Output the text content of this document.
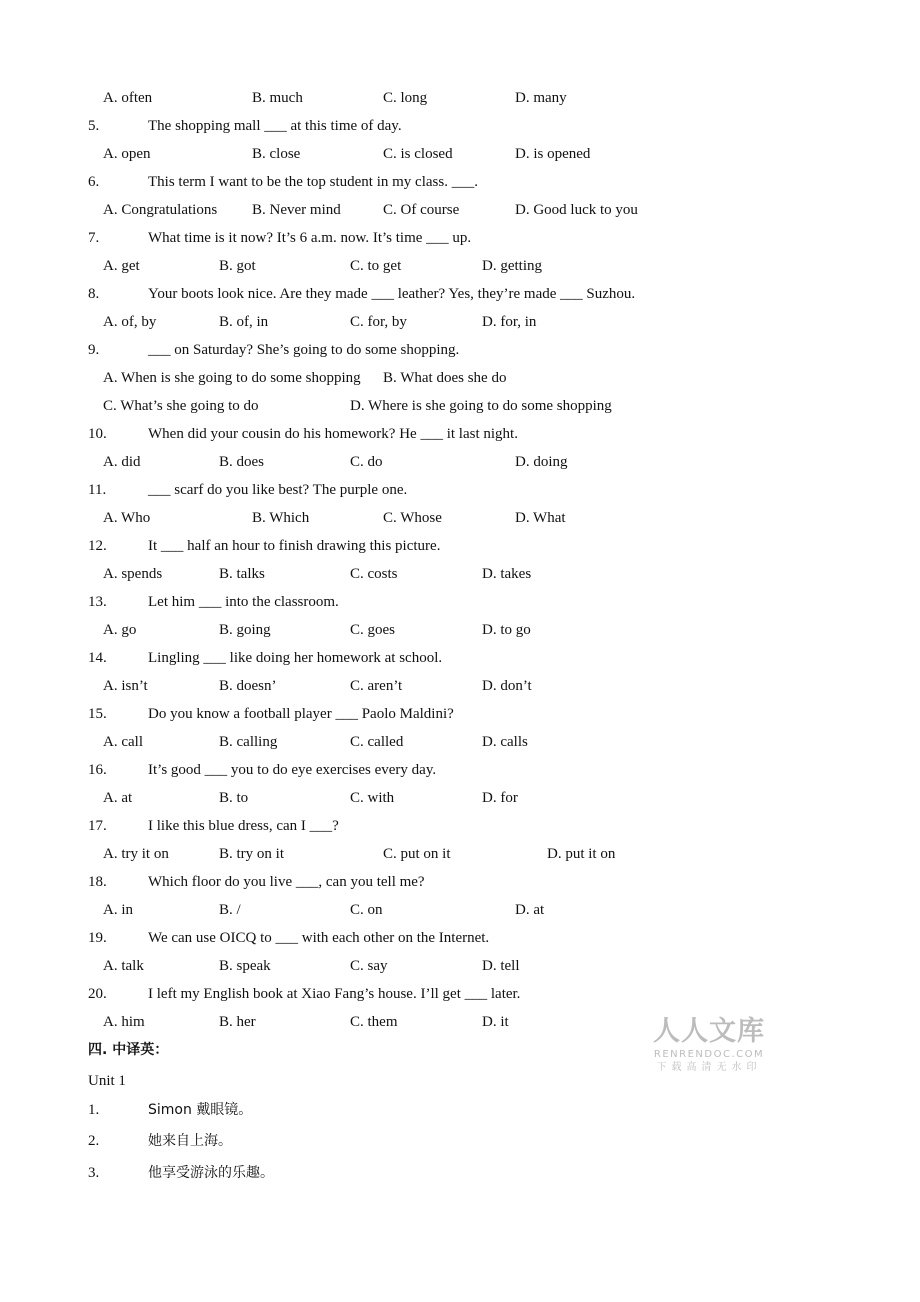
A. often	B. much	C. long	D. many
5.	The shopping mall ___ at this time of day.
A. open	B. close	C. is closed	D. is opened
6.	This term I want to be the top student in my class. ___.
A. Congratulations B. Never mind	C. Of course	D. Good luck to you
7.	What time is it now? It’s 6 a.m. now. It’s time ___ up.
A. get	B. got	C. to get	D. getting
8.	Your boots look nice. Are they made ___ leather? Yes, they’re made ___ Suzhou.
A. of, by	B. of, in	C. for, by	D. for, in
9.	___ on Saturday? She’s going to do some shopping.
A. When is she going to do some shopping B. What does she do
C. What’s she going to do	D. Where is she going to do some shopping
10.	When did your cousin do his homework? He ___ it last night.
A. did	B. does	C. do	D. doing
11.	___ scarf do you like best? The purple one.
A. Who	B. Which	C. Whose	D. What
12.	It ___ half an hour to finish drawing this picture.
A. spends	B. talks	C. costs	D. takes
13.	Let him ___ into the classroom.
A. go	B. going	C. goes	D. to go
14.	Lingling ___ like doing her homework at school.
A. isn’t	B. doesn’	C. aren’t	D. don’t
15.	Do you know a football player ___ Paolo Maldini?
A. call	B. calling	C. called	D. calls
16.	It’s good ___ you to do eye exercises every day.
A. at	B. to	C. with	D. for
17.	I like this blue dress, can I ___?
A. try it on	B. try on it	C. put on it	D. put it on
18.	Which floor do you live ___, can you tell me?
A. in	B. /	C. on	D. at
19.	We can use OICQ to ___ with each other on the Internet.
A. talk	B. speak	C. say	D. tell
20.	I left my English book at Xiao Fang’s house. I’ll get ___ later.
A. him	B. her	C. them	D. it
四. 中译英：
Unit 1
1.	Simon 戴眼镜。
2.	她来自上海。
3.	他享受游泳的乐趣。
人人文库
RENRENDOC.COM
下载高清无水印
